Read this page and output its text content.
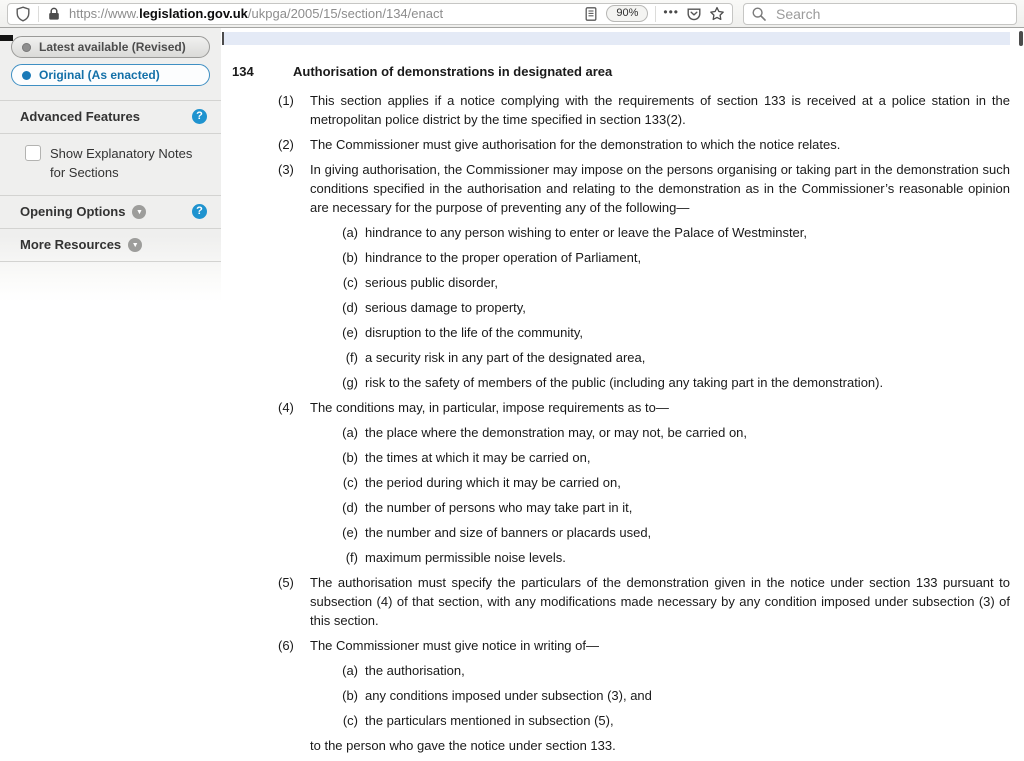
https://www.legislation.gov.uk/ukpga/2005/15/section/134/enact	90%	•••
Search
Latest available (Revised)
Original (As enacted)
Advanced Features	?
Show Explanatory Notes for Sections
Opening Options	▼	?
More Resources	▼
134	Authorisation of demonstrations in designated area
(1)	This section applies if a notice complying with the requirements of section 133 is received at a police station in the metropolitan police district by the time specified in section 133(2).

(2)	The Commissioner must give authorisation for the demonstration to which the notice relates.

(3)	In giving authorisation, the Commissioner may impose on the persons organising or taking part in the demonstration such conditions specified in the authorisation and relating to the demonstration as in the Commissioner’s reasonable opinion are necessary for the purpose of preventing any of the following—

(a) hindrance to any person wishing to enter or leave the Palace of Westminster,
(b) hindrance to the proper operation of Parliament,
(c) serious public disorder,
(d) serious damage to property,
(e) disruption to the life of the community,
(f) a security risk in any part of the designated area,
(g) risk to the safety of members of the public (including any taking part in the demonstration).
(4)	The conditions may, in particular, impose requirements as to—

(a) the place where the demonstration may, or may not, be carried on,
(b) the times at which it may be carried on,
(c) the period during which it may be carried on,
(d) the number of persons who may take part in it,
(e) the number and size of banners or placards used,
(f) maximum permissible noise levels.
(5)	The authorisation must specify the particulars of the demonstration given in the notice under section 133 pursuant to subsection (4) of that section, with any modifications made necessary by any condition imposed under subsection (3) of this section.

(6)	The Commissioner must give notice in writing of—

(a) the authorisation,
(b) any conditions imposed under subsection (3), and
(c) the particulars mentioned in subsection (5),

to the person who gave the notice under section 133.
